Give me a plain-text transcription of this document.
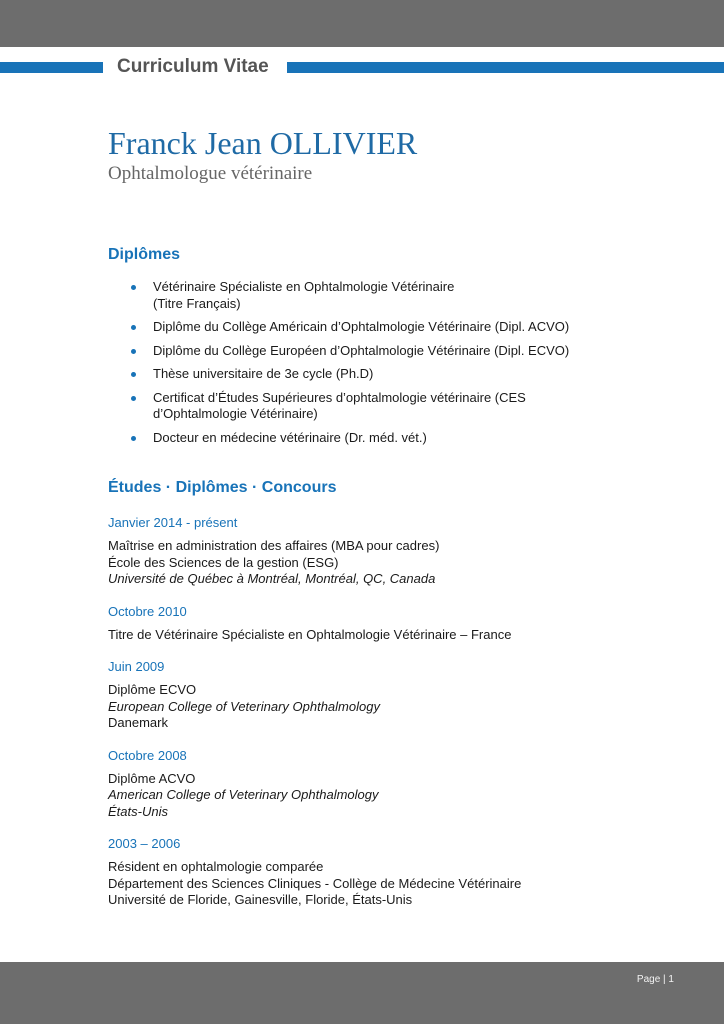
Curriculum Vitae
Franck Jean OLLIVIER
Ophtalmologue vétérinaire
Diplômes
Vétérinaire Spécialiste en Ophtalmologie Vétérinaire
(Titre Français)
Diplôme du Collège Américain d’Ophtalmologie Vétérinaire (Dipl. ACVO)
Diplôme du Collège Européen d’Ophtalmologie Vétérinaire (Dipl. ECVO)
Thèse universitaire de 3e cycle (Ph.D)
Certificat d’Études Supérieures d’ophtalmologie vétérinaire (CES
d’Ophtalmologie Vétérinaire)
Docteur en médecine vétérinaire (Dr. méd. vét.)
Études · Diplômes · Concours
Janvier 2014 - présent
Maîtrise en administration des affaires (MBA pour cadres)
École des Sciences de la gestion (ESG)
Université de Québec à Montréal, Montréal, QC, Canada
Octobre 2010
Titre de Vétérinaire Spécialiste en Ophtalmologie Vétérinaire – France
Juin 2009
Diplôme ECVO
European College of Veterinary Ophthalmology
Danemark
Octobre 2008
Diplôme ACVO
American College of Veterinary Ophthalmology
États-Unis
2003 – 2006
Résident en ophtalmologie comparée
Département des Sciences Cliniques - Collège de Médecine Vétérinaire
Université de Floride, Gainesville, Floride, États-Unis
Page | 1
